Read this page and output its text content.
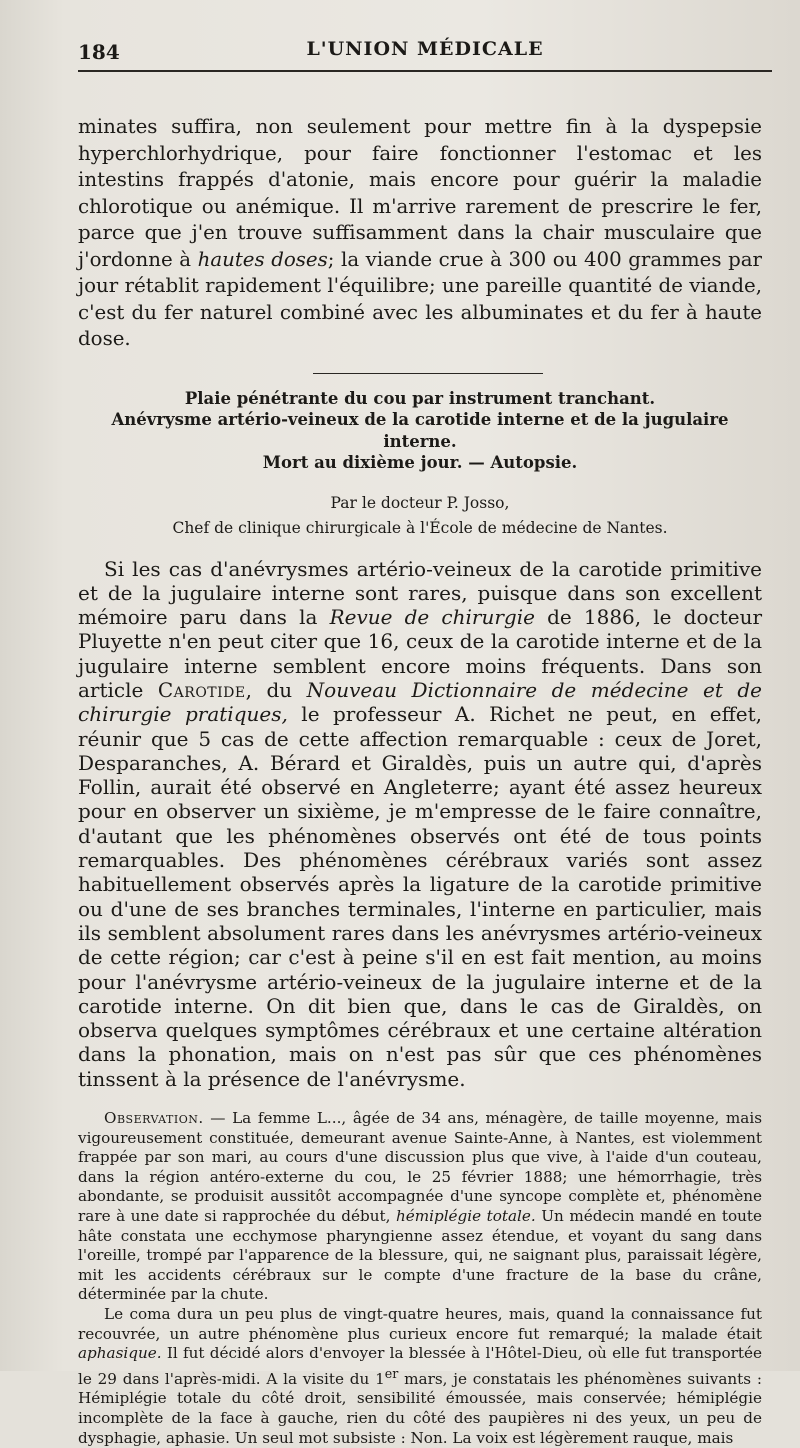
184	L'UNION MÉDICALE

minates suffira, non seulement pour mettre fin à la dyspepsie hyperchlorhydrique, pour faire fonctionner l'estomac et les intestins frappés d'atonie, mais encore pour guérir la maladie chlorotique ou anémique. Il m'arrive rarement de prescrire le fer, parce que j'en trouve suffisamment dans la chair musculaire que j'ordonne à hautes doses; la viande crue à 300 ou 400 grammes par jour rétablit rapidement l'équilibre; une pareille quantité de viande, c'est du fer naturel combiné avec les albuminates et du fer à haute dose.

Plaie pénétrante du cou par instrument tranchant.

Anévrysme artério-veineux de la carotide interne et de la jugulaire interne.

Mort au dixième jour. — Autopsie.

Par le docteur P. Josso,

Chef de clinique chirurgicale à l'École de médecine de Nantes.

Si les cas d'anévrysmes artério-veineux de la carotide primitive et de la jugulaire interne sont rares, puisque dans son excellent mémoire paru dans la Revue de chirurgie de 1886, le docteur Pluyette n'en peut citer que 16, ceux de la carotide interne et de la jugulaire interne semblent encore moins fréquents. Dans son article Carotide, du Nouveau Dictionnaire de médecine et de chirurgie pratiques, le professeur A. Richet ne peut, en effet, réunir que 5 cas de cette affection remarquable : ceux de Joret, Desparanches, A. Bérard et Giraldès, puis un autre qui, d'après Follin, aurait été observé en Angleterre; ayant été assez heureux pour en observer un sixième, je m'empresse de le faire connaître, d'autant que les phénomènes observés ont été de tous points remarquables. Des phénomènes cérébraux variés sont assez habituellement observés après la ligature de la carotide primitive ou d'une de ses branches terminales, l'interne en particulier, mais ils semblent absolument rares dans les anévrysmes artério-veineux de cette région; car c'est à peine s'il en est fait mention, au moins pour l'anévrysme artério-veineux de la jugulaire interne et de la carotide interne. On dit bien que, dans le cas de Giraldès, on observa quelques symptômes cérébraux et une certaine altération dans la phonation, mais on n'est pas sûr que ces phénomènes tinssent à la présence de l'anévrysme.

Observation. — La femme L..., âgée de 34 ans, ménagère, de taille moyenne, mais vigoureusement constituée, demeurant avenue Sainte-Anne, à Nantes, est violemment frappée par son mari, au cours d'une discussion plus que vive, à l'aide d'un couteau, dans la région antéro-externe du cou, le 25 février 1888; une hémorrhagie, très abondante, se produisit aussitôt accompagnée d'une syncope complète et, phénomène rare à une date si rapprochée du début, hémiplégie totale. Un médecin mandé en toute hâte constata une ecchymose pharyngienne assez étendue, et voyant du sang dans l'oreille, trompé par l'apparence de la blessure, qui, ne saignant plus, paraissait légère, mit les accidents cérébraux sur le compte d'une fracture de la base du crâne, déterminée par la chute.

Le coma dura un peu plus de vingt-quatre heures, mais, quand la connaissance fut recouvrée, un autre phénomène plus curieux encore fut remarqué; la malade était aphasique. Il fut décidé alors d'envoyer la blessée à l'Hôtel-Dieu, où elle fut transportée le 29 dans l'après-midi. A la visite du 1er mars, je constatais les phénomènes suivants : Hémiplégie totale du côté droit, sensibilité émoussée, mais conservée; hémiplégie incomplète de la face à gauche, rien du côté des paupières ni des yeux, un peu de dysphagie, aphasie. Un seul mot subsiste : Non. La voix est légèrement rauque, mais
